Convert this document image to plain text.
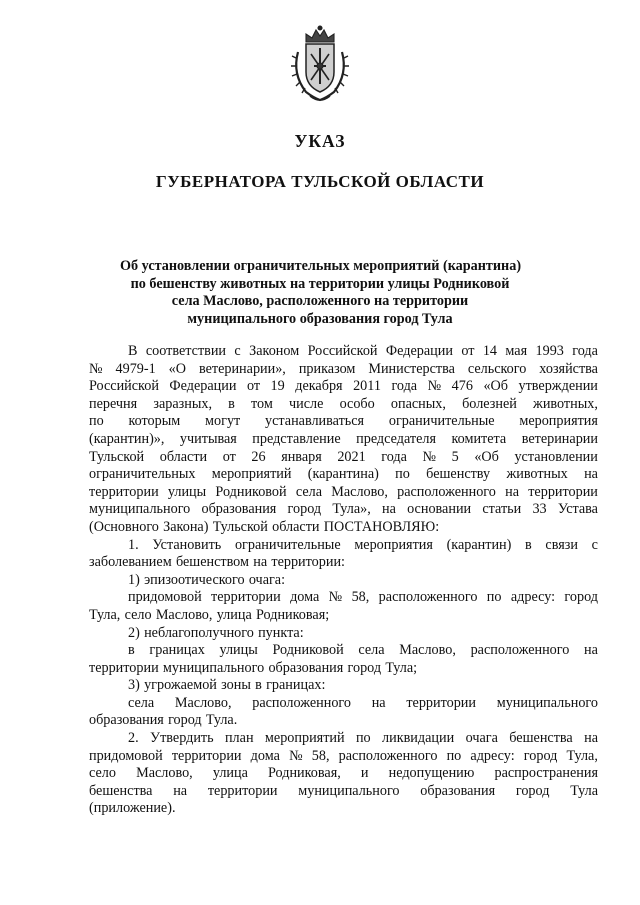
УКАЗ
ГУБЕРНАТОРА ТУЛЬСКОЙ ОБЛАСТИ
Об установлении ограничительных мероприятий (карантина)
по бешенству животных на территории улицы Родниковой
села Маслово, расположенного на территории
муниципального образования город Тула
В соответствии с Законом Российской Федерации от 14 мая 1993 года
№ 4979-1 «О ветеринарии», приказом Министерства сельского хозяйства
Российской Федерации от 19 декабря 2011 года № 476 «Об утверждении
перечня заразных, в том числе особо опасных, болезней животных,
по которым могут устанавливаться ограничительные мероприятия
(карантин)», учитывая представление председателя комитета ветеринарии
Тульской области от 26 января 2021 года № 5 «Об установлении
ограничительных мероприятий (карантина) по бешенству животных на
территории улицы Родниковой села Маслово, расположенного на территории
муниципального образования город Тула», на основании статьи 33 Устава
(Основного Закона) Тульской области ПОСТАНОВЛЯЮ:
1. Установить ограничительные мероприятия (карантин) в связи с
заболеванием бешенством на территории:
1) эпизоотического очага:
придомовой территории дома № 58, расположенного по адресу: город
Тула, село Маслово, улица Родниковая;
2) неблагополучного пункта:
в границах улицы Родниковой села Маслово, расположенного на
территории муниципального образования город Тула;
3) угрожаемой зоны в границах:
села Маслово, расположенного на территории муниципального
образования город Тула.
2. Утвердить план мероприятий по ликвидации очага бешенства на
придомовой территории дома № 58, расположенного по адресу: город Тула,
село Маслово, улица Родниковая, и недопущению распространения
бешенства на территории муниципального образования город Тула
(приложение).
